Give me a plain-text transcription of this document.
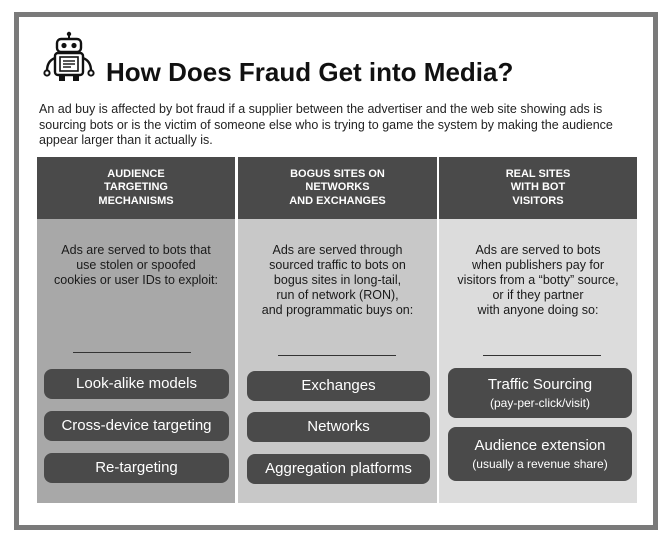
How Does Fraud Get into Media?
An ad buy is affected by bot fraud if a supplier between the advertiser and the web site showing ads is sourcing bots or is the victim of someone else who is trying to game the system by making the audience appear larger than it actually is.
AUDIENCE
TARGETING
MECHANISMS
Ads are served to bots that
use stolen or spoofed
cookies or user IDs to exploit:
Look-alike models
Cross-device targeting
Re-targeting
BOGUS SITES ON
NETWORKS
AND EXCHANGES
Ads are served through
sourced traffic to bots on
bogus sites in long-tail,
run of network (RON),
and programmatic buys on:
Exchanges
Networks
Aggregation platforms
REAL SITES
WITH BOT
VISITORS
Ads are served to bots
when publishers pay for
visitors from a “botty” source,
or if they partner
with anyone doing so:
Traffic Sourcing
(pay-per-click/visit)
Audience extension
(usually a revenue share)
